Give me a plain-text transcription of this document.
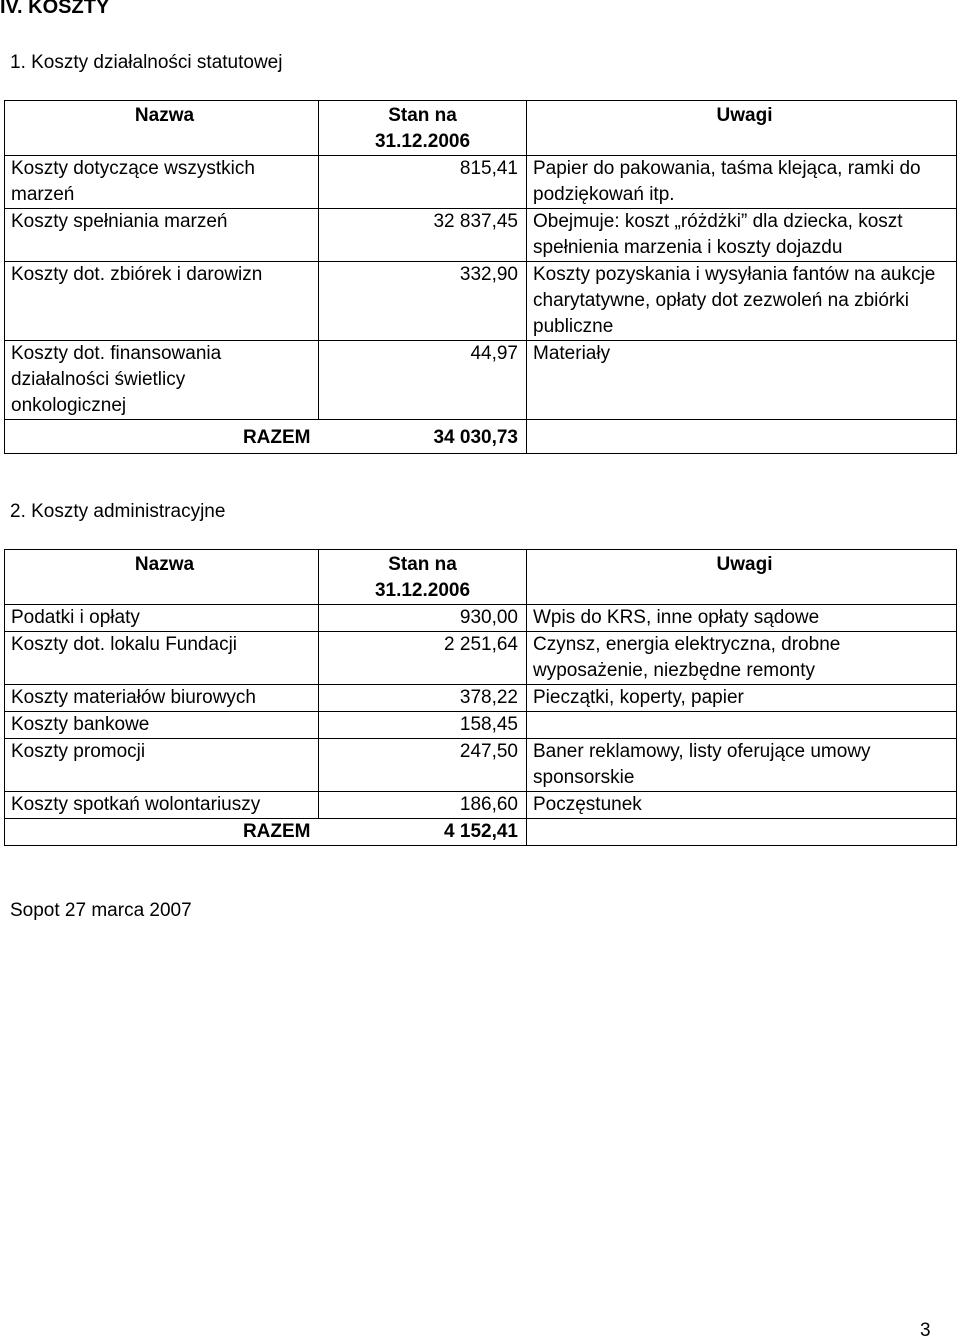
IV. KOSZTY
1. Koszty działalności statutowej
Nazwa	Stan na 31.12.2006	Uwagi
Koszty dotyczące wszystkich marzeń	815,41	Papier do pakowania, taśma klejąca, ramki do podziękowań itp.
Koszty spełniania marzeń	32 837,45	Obejmuje: koszt „różdżki” dla dziecka, koszt spełnienia marzenia i koszty dojazdu
Koszty dot. zbiórek i darowizn	332,90	Koszty pozyskania i wysyłania fantów na aukcje charytatywne, opłaty dot zezwoleń na zbiórki publiczne
Koszty dot. finansowania działalności świetlicy onkologicznej	44,97	Materiały
RAZEM	34 030,73	
2. Koszty administracyjne
Nazwa	Stan na 31.12.2006	Uwagi
Podatki i opłaty	930,00	Wpis do KRS, inne opłaty sądowe
Koszty dot. lokalu Fundacji	2 251,64	Czynsz, energia elektryczna, drobne wyposażenie, niezbędne remonty
Koszty materiałów biurowych	378,22	Pieczątki, koperty, papier
Koszty bankowe	158,45	
Koszty promocji	247,50	Baner reklamowy, listy oferujące umowy sponsorskie
Koszty spotkań wolontariuszy	186,60	Poczęstunek
RAZEM	4 152,41	
Sopot 27 marca 2007
3
